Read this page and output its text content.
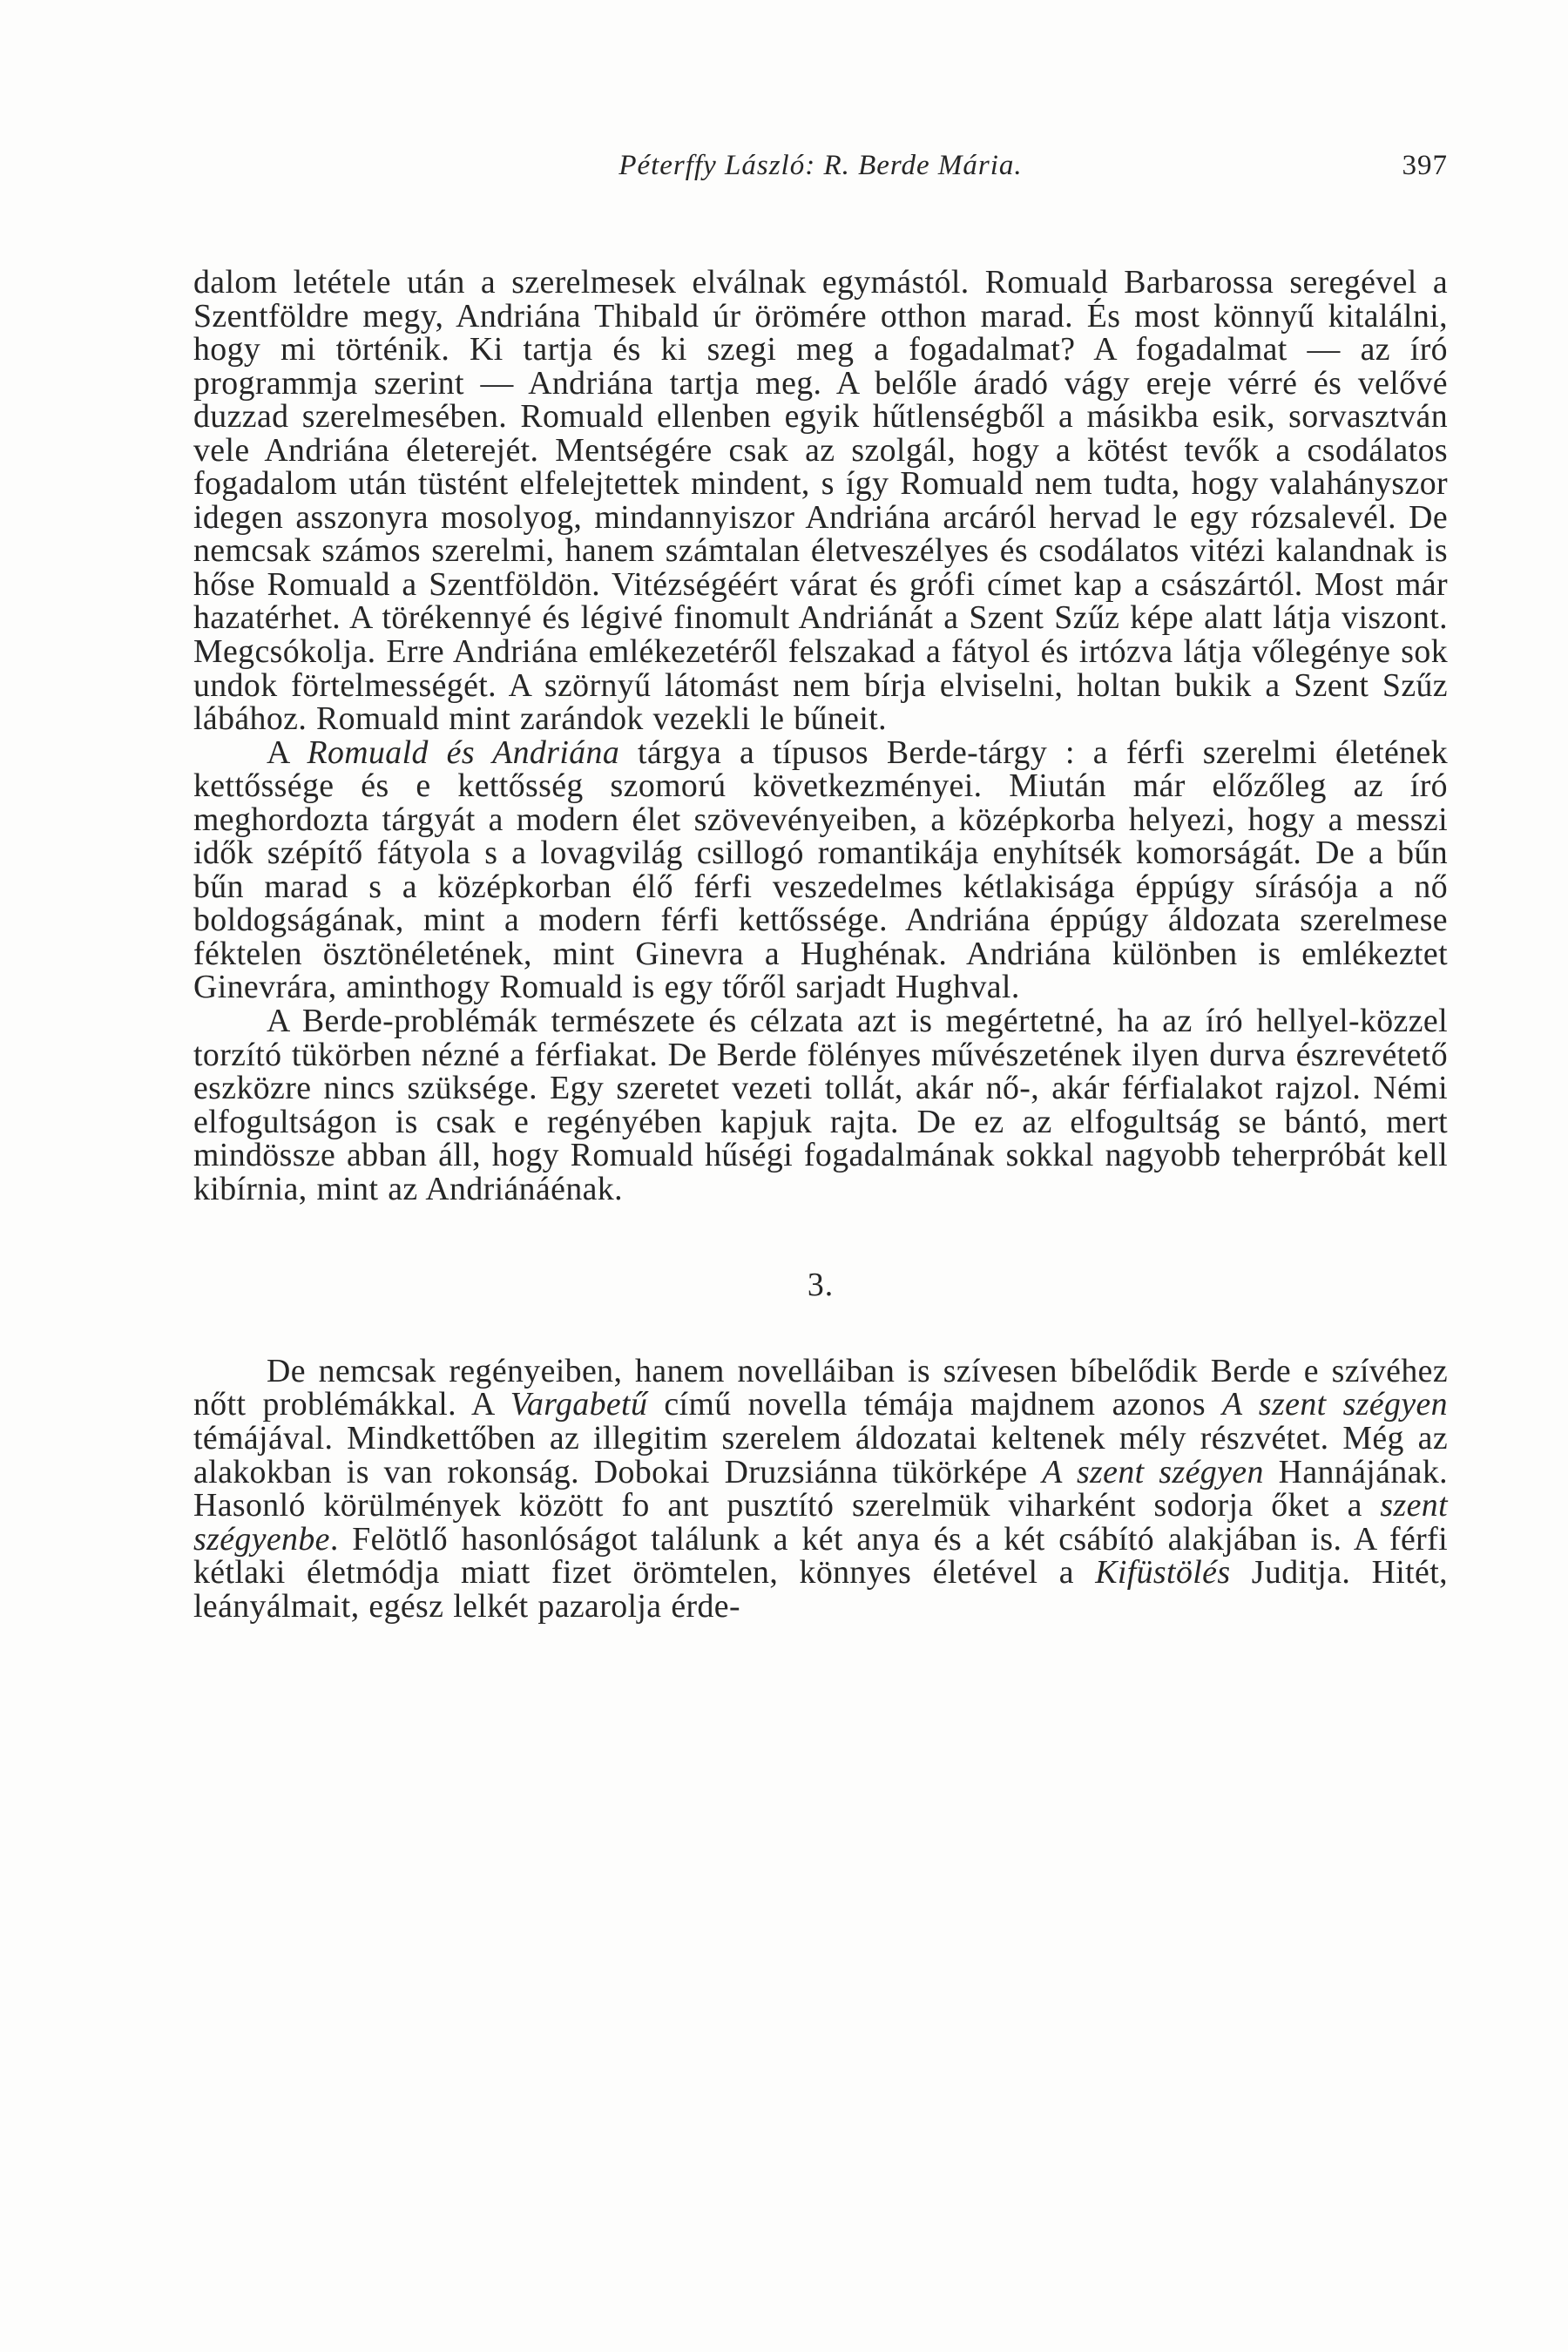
Péterffy László: R. Berde Mária.	397

dalom letétele után a szerelmesek elválnak egymástól. Romuald Barbarossa seregével a Szentföldre megy, Andriána Thibald úr örömére otthon marad. És most könnyű kitalálni, hogy mi történik. Ki tartja és ki szegi meg a fogadalmat? A fogadalmat — az író programmja szerint — Andriána tartja meg. A belőle áradó vágy ereje vérré és velővé duzzad szerelmesében. Romuald ellenben egyik hűtlenségből a másikba esik, sorvasztván vele Andriána életerejét. Mentségére csak az szolgál, hogy a kötést tevők a csodálatos fogadalom után tüstént elfelejtettek mindent, s így Romuald nem tudta, hogy valahányszor idegen asszonyra mosolyog, mindannyiszor Andriána arcáról hervad le egy rózsalevél. De nemcsak számos szerelmi, hanem számtalan életveszélyes és csodálatos vitézi kalandnak is hőse Romuald a Szentföldön. Vitézségéért várat és grófi címet kap a császártól. Most már hazatérhet. A törékennyé és légivé finomult Andriánát a Szent Szűz képe alatt látja viszont. Megcsókolja. Erre Andriána emlékezetéről felszakad a fátyol és irtózva látja vőlegénye sok undok förtelmességét. A szörnyű látomást nem bírja elviselni, holtan bukik a Szent Szűz lábához. Romuald mint zarándok vezekli le bűneit.

A Romuald és Andriána tárgya a típusos Berde-tárgy : a férfi szerelmi életének kettőssége és e kettősség szomorú következményei. Miután már előzőleg az író meghordozta tárgyát a modern élet szövevényeiben, a középkorba helyezi, hogy a messzi idők szépítő fátyola s a lovagvilág csillogó romantikája enyhítsék komorságát. De a bűn bűn marad s a középkorban élő férfi veszedelmes kétlakisága éppúgy sírásója a nő boldogságának, mint a modern férfi kettőssége. Andriána éppúgy áldozata szerelmese féktelen ösztönéletének, mint Ginevra a Hughénak. Andriána különben is emlékeztet Ginevrára, aminthogy Romuald is egy tőről sarjadt Hughval.

A Berde-problémák természete és célzata azt is megértetné, ha az író hellyel-közzel torzító tükörben nézné a férfiakat. De Berde fölényes művészetének ilyen durva észrevétető eszközre nincs szüksége. Egy szeretet vezeti tollát, akár nő-, akár férfialakot rajzol. Némi elfogultságon is csak e regényében kapjuk rajta. De ez az elfogultság se bántó, mert mindössze abban áll, hogy Romuald hűségi fogadalmának sokkal nagyobb teherpróbát kell kibírnia, mint az Andriánáénak.

3.

De nemcsak regényeiben, hanem novelláiban is szívesen bíbelődik Berde e szívéhez nőtt problémákkal. A Vargabetű című novella témája majdnem azonos A szent szégyen témájával. Mindkettőben az illegitim szerelem áldozatai keltenek mély részvétet. Még az alakokban is van rokonság. Dobokai Druzsiánna tükörképe A szent szégyen Hannájának. Hasonló körülmények között fo ant pusztító szerelmük viharként sodorja őket a szent szégyenbe. Felötlő hasonlóságot találunk a két anya és a két csábító alakjában is. A férfi kétlaki életmódja miatt fizet örömtelen, könnyes életével a Kifüstölés Juditja. Hitét, leányálmait, egész lelkét pazarolja érde-
